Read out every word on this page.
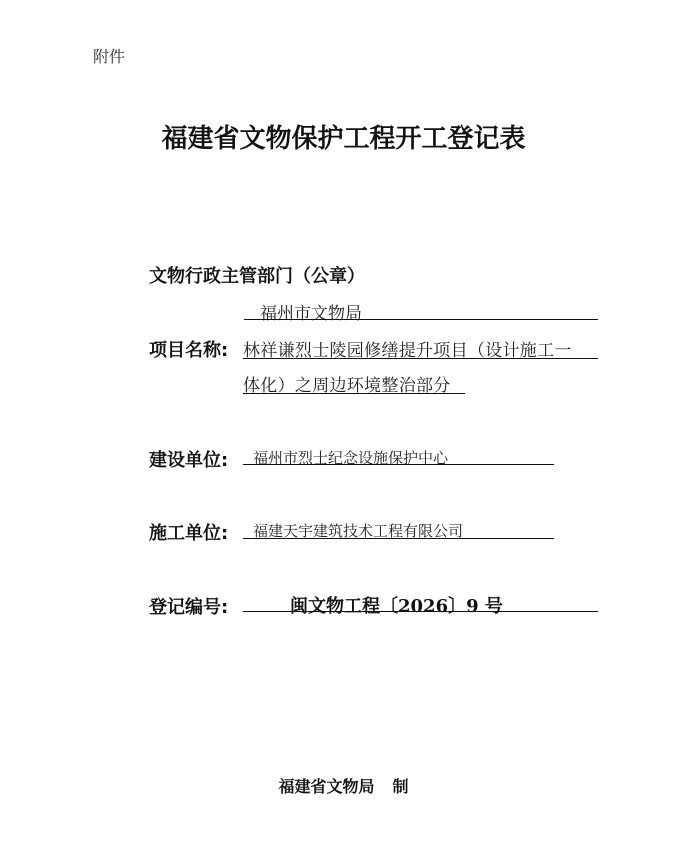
附件
福建省文物保护工程开工登记表
文物行政主管部门（公章）
福州市文物局
项目名称: 林祥谦烈士陵园修缮提升项目（设计施工一
体化）之周边环境整治部分
建设单位: 福州市烈士纪念设施保护中心
施工单位: 福建天宇建筑技术工程有限公司
登记编号:	闽文物工程〔2026〕9 号
福建省文物局 制
